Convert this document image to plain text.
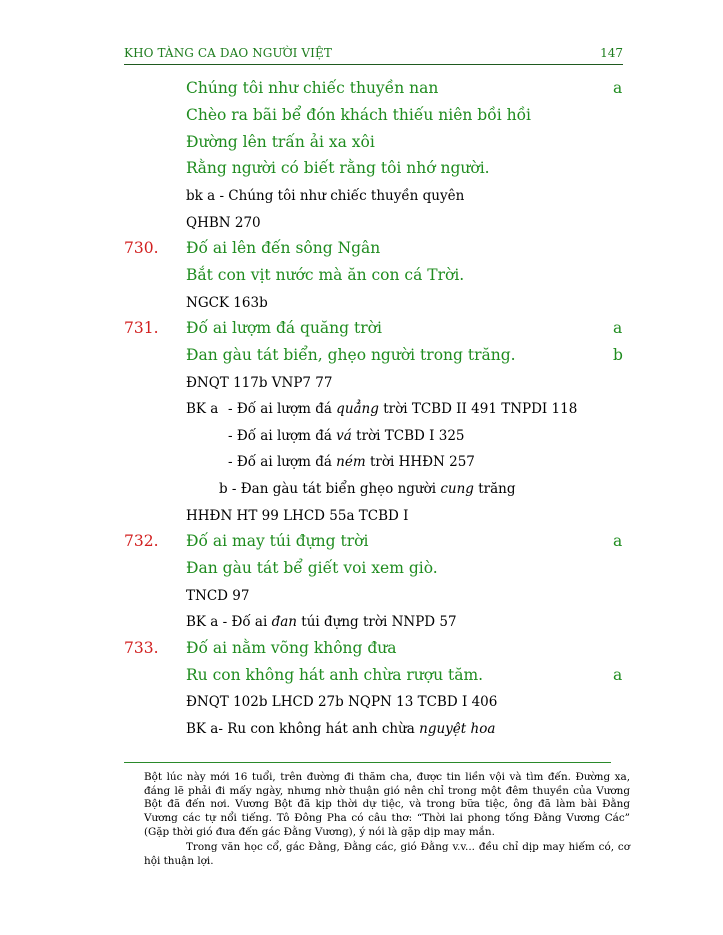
KHO TÀNG CA DAO NGƯỜI VIỆT	147
Chúng tôi như chiếc thuyền nan	a
Chèo ra bãi bể đón khách thiếu niên bồi hồi
Đường lên trấn ải xa xôi
Rằng người có biết rằng tôi nhớ người.
bk a - Chúng tôi như chiếc thuyền quyên
QHBN 270
730. Đố ai lên đến sông Ngân
Bắt con vịt nước mà ăn con cá Trời.
NGCK 163b
731. Đố ai lượm đá quăng trời	a
Đan gàu tát biển, ghẹo người trong trăng.	b
ĐNQT 117b VNP7 77
BK a - Đố ai lượm đá quẳng trời TCBD II 491 TNPDI 118
- Đố ai lượm đá vá trời TCBD I 325
- Đố ai lượm đá ném trời HHĐN 257
b - Đan gàu tát biển ghẹo người cung trăng
HHĐN HT 99 LHCD 55a TCBD I
732. Đố ai may túi đựng trời	a
Đan gàu tát bể giết voi xem giò.
TNCD 97
BK a - Đố ai đan túi đựng trời NNPD 57
733. Đố ai nằm võng không đưa
Ru con không hát anh chừa rượu tăm.	a
ĐNQT 102b LHCD 27b NQPN 13 TCBD I 406
BK a- Ru con không hát anh chừa nguyệt hoa
Bột lúc này mới 16 tuổi, trên đường đi thăm cha, được tin liền vội và tìm đến. Đường xa, đáng lẽ phải đi mấy ngày, nhưng nhờ thuận gió nên chỉ trong một đêm thuyền của Vương Bột đã đến nơi. Vương Bột đã kịp thời dự tiệc, và trong bữa tiệc, ông đã làm bài Đằng Vương các tự nổi tiếng. Tô Đông Pha có câu thơ: “Thời lai phong tống Đằng Vương Các” (Gặp thời gió đưa đến gác Đằng Vương), ý nói là gặp dịp may mắn.
Trong văn học cổ, gác Đằng, Đằng các, gió Đằng v.v... đều chỉ dịp may hiếm có, cơ hội thuận lợi.
